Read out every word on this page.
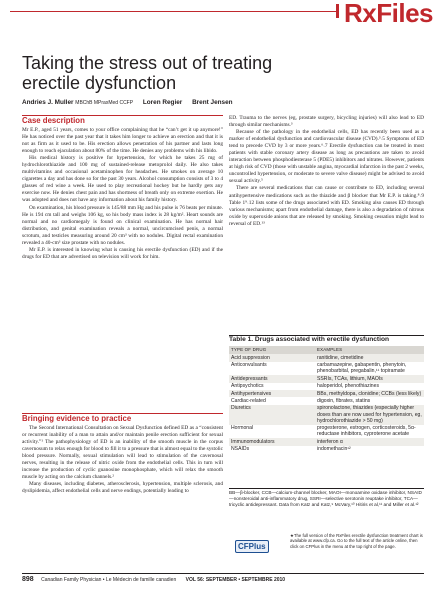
RxFiles
Taking the stress out of treating erectile dysfunction
Andries J. Muller MBChB MPraxMed CCFP Loren Regier Brent Jensen
Case description

Mr E.P., aged 51 years, comes to your office complaining that he “can’t get it up anymore!” He has noticed over the past year that it takes him longer to achieve an erection and that it is not as firm as it used to be. His erection allows penetration of his partner and lasts long enough to reach ejaculation about 80% of the time. He denies any problems with his libido.

His medical history is positive for hypertension, for which he takes 25 mg of hydrochlorothiazide and 100 mg of sustained-release metoprolol daily. He also takes multivitamins and occasional acetaminophen for headaches. He smokes on average 10 cigarettes a day and has done so for the past 30 years. Alcohol consumption consists of 3 to 4 glasses of red wine a week. He used to play recreational hockey but he hardly gets any exercise now. He denies chest pain and has shortness of breath only on extreme exertion. He was adopted and does not have any information about his family history.

On examination, his blood pressure is 145/88 mm Hg and his pulse is 76 beats per minute. He is 194 cm tall and weighs 106 kg, so his body mass index is 28 kg/m². Heart sounds are normal and no cardiomegaly is found on clinical examination. He has normal hair distribution, and genital examination reveals a normal, uncircumcised penis, a normal scrotum, and testicles measuring around 20 cm³ with no nodules. Digital rectal examination revealed a 40-cm³ size prostate with no nodules.

Mr E.P. is interested in knowing what is causing his erectile dysfunction (ED) and if the drugs for ED that are advertised on television will work for him.

Bringing evidence to practice

The Second International Consultation on Sexual Dysfunction defined ED as a “consistent or recurrent inability of a man to attain and/or maintain penile erection sufficient for sexual activity.”¹ The pathophysiology of ED is an inability of the smooth muscle in the corpus cavernosum to relax enough for blood to fill it to a pressure that is almost equal to the systolic blood pressure. Normally, sexual stimulation will lead to stimulation of the cavernosal nerves, resulting in the release of nitric oxide from the endothelial cells. This in turn will increase the production of cyclic guanosine monophosphate, which will relax the smooth muscle by acting on the calcium channels.²

Many diseases, including diabetes, atherosclerosis, hypertension, multiple sclerosis, and dyslipidemia, affect endothelial cells and nerve endings, potentially leading to

ED. Trauma to the nerves (eg, prostate surgery, bicycling injuries) will also lead to ED through similar mechanisms.³

Because of the pathology in the endothelial cells, ED has recently been used as a marker of endothelial dysfunction and cardiovascular disease (CVD).³˒5 Symptoms of ED tend to precede CVD by 3 or more years.⁶˒7 Erectile dysfunction can be treated in most patients with stable coronary artery disease as long as precautions are taken to avoid interaction between phosphodiesterase 5 (PDE5) inhibitors and nitrates. However, patients at high risk of CVD (those with unstable angina, myocardial infarction in the past 2 weeks, uncontrolled hypertension, or moderate to severe valve disease) might be advised to avoid sexual activity.⁵

There are several medications that can cause or contribute to ED, including several antihypertensive medications such as the thiazide and β blocker that Mr E.P. is taking.⁸˒9 Table 1⁹˒12 lists some of the drugs associated with ED. Smoking also causes ED through various mechanisms; apart from endothelial damage, there is also a degradation of nitrous oxide by superoxide anions that are released by smoking. Smoking cessation might lead to reversal of ED.¹³

Table 1. Drugs associated with erectile dysfunction
TYPE OF DRUG	EXAMPLES
Acid suppression	ranitidine, cimetidine
Anticonvulsants	carbamazepine, gabapentin, phenytoin, phenobarbital, pregabalin,¹¹ topiramate
Antidepressants	SSRIs, TCAs, lithium, MAOIs
Antipsychotics	haloperidol, phenothiazines
Antihypertensives	BBs, methyldopa, clonidine; CCBs (less likely)
Cardiac-related	digoxin, fibrates, statins
Diuretics	spironolactone, thiazides (especially higher doses than are now used for hypertension, eg, hydrochlorothiazide > 50 mg)
Hormonal	progesterone, estrogen, corticosteroids, 5α-reductase inhibitors, cyproterone acetate
Immunomodulators	interferon α
NSAIDs	indomethacin¹²
BB—β-blocker, CCB—calcium-channel blocker, MAOI—monoamine oxidase inhibitor, NSAID—nonsteroidal anti-inflammatory drug, SSRI—selective serotonin reuptake inhibitor, TCA—tricyclic antidepressant. Data from Katz and Katz,⁹ McVary,¹⁰ Hitiris et al,¹¹ and Miller et al.¹²
CFPlus
★The full version of the RxFiles erectile dysfunction treatment chart is available at www.cfp.ca. Go to the full text of the article online, then click on CFPlus in the menu at the top right of the page.
898 Canadian Family Physician • Le Médecin de famille canadien VOL 56: SEPTEMBER • SEPTEMBRE 2010
